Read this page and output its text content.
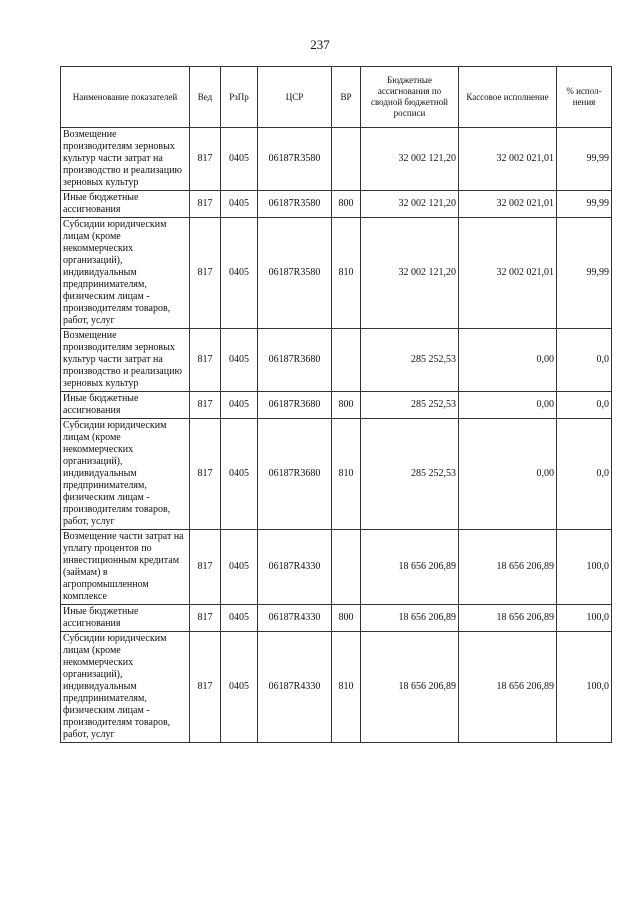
237
Наименование показателей	Вед	РзПр	ЦСР	ВР	Бюджетные ассигнования по сводной бюджетной росписи	Кассовое исполнение	% испол-нения
Возмещение производителям зерновых культур части затрат на производство и реализацию зерновых культур	817	0405	06187R3580		32 002 121,20	32 002 021,01	99,99
Иные бюджетные ассигнования	817	0405	06187R3580	800	32 002 121,20	32 002 021,01	99,99
Субсидии юридическим лицам (кроме некоммерческих организаций), индивидуальным предпринимателям, физическим лицам - производителям товаров, работ, услуг	817	0405	06187R3580	810	32 002 121,20	32 002 021,01	99,99
Возмещение производителям зерновых культур части затрат на производство и реализацию зерновых культур	817	0405	06187R3680		285 252,53	0,00	0,0
Иные бюджетные ассигнования	817	0405	06187R3680	800	285 252,53	0,00	0,0
Субсидии юридическим лицам (кроме некоммерческих организаций), индивидуальным предпринимателям, физическим лицам - производителям товаров, работ, услуг	817	0405	06187R3680	810	285 252,53	0,00	0,0
Возмещение части затрат на уплату процентов по инвестиционным кредитам (займам) в агропромышленном комплексе	817	0405	06187R4330		18 656 206,89	18 656 206,89	100,0
Иные бюджетные ассигнования	817	0405	06187R4330	800	18 656 206,89	18 656 206,89	100,0
Субсидии юридическим лицам (кроме некоммерческих организаций), индивидуальным предпринимателям, физическим лицам - производителям товаров, работ, услуг	817	0405	06187R4330	810	18 656 206,89	18 656 206,89	100,0
